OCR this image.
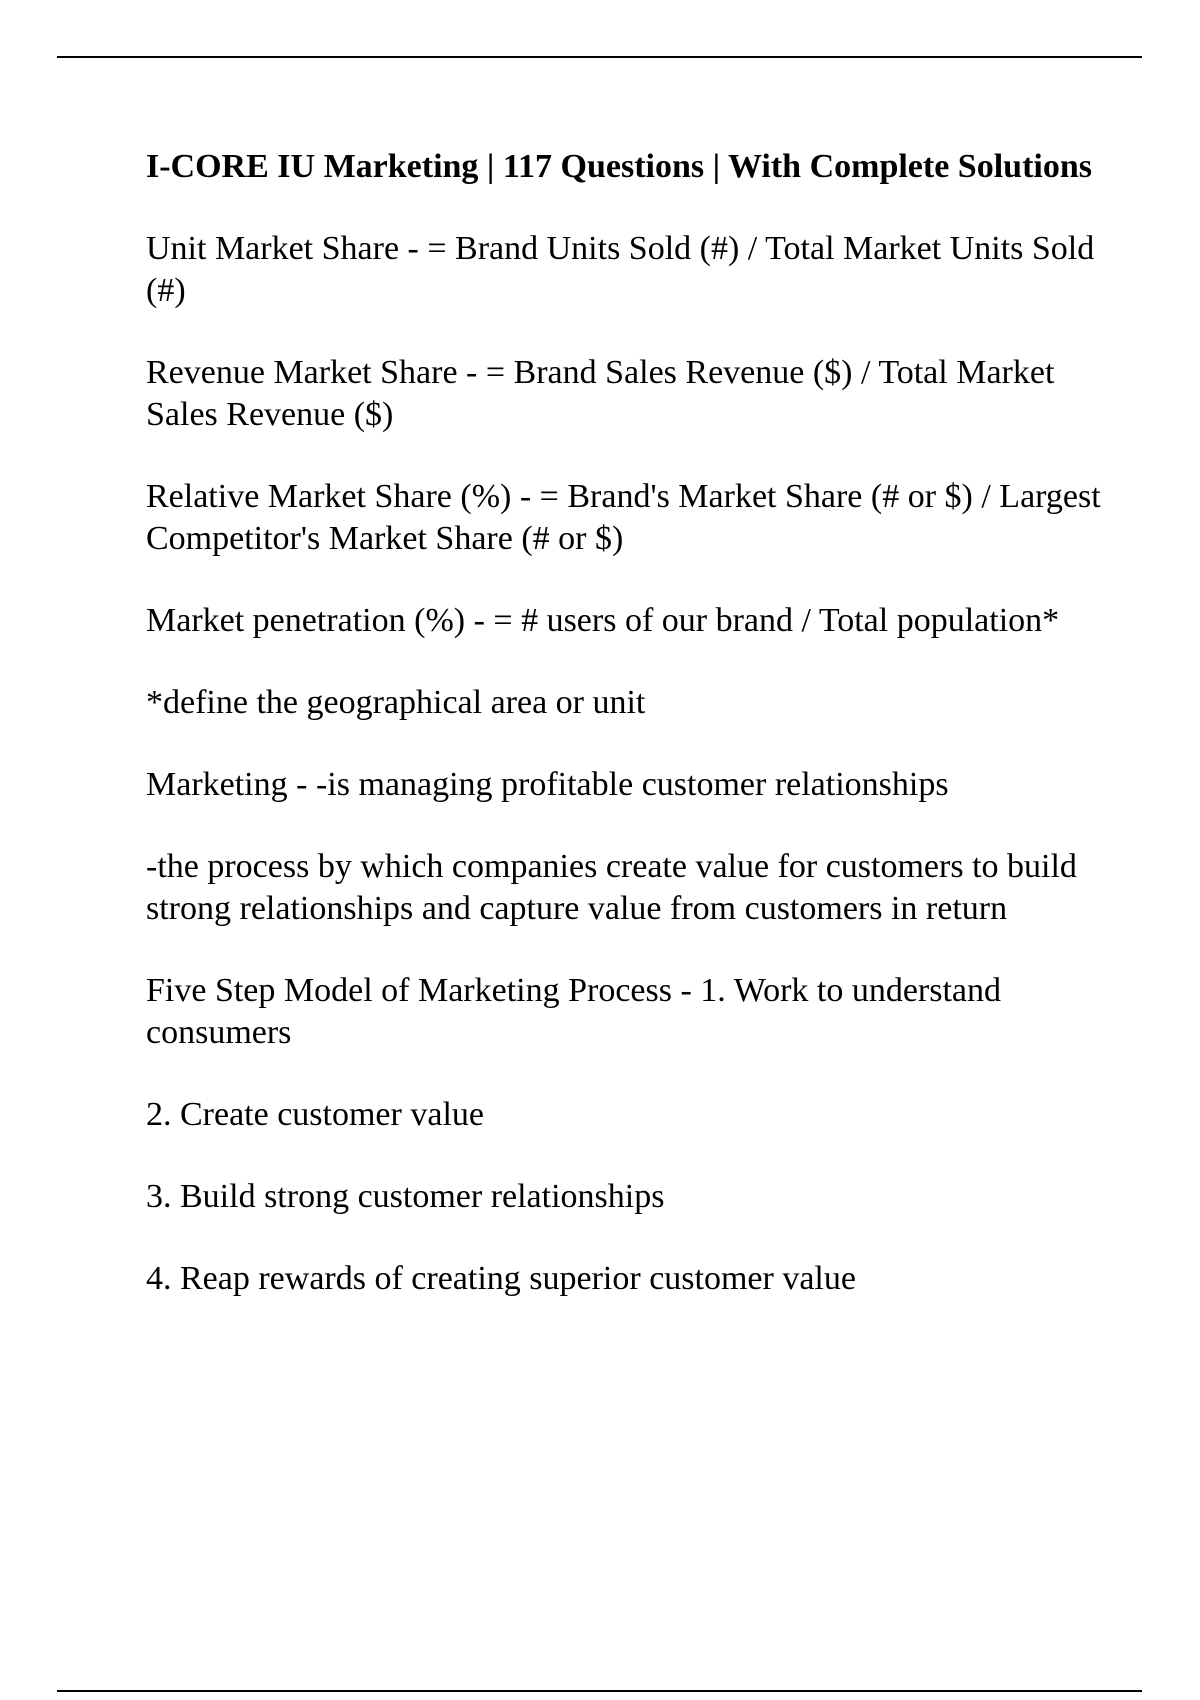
I-CORE IU Marketing | 117 Questions | With Complete Solutions
Unit Market Share - = Brand Units Sold (#) / Total Market Units Sold (#)
Revenue Market Share - = Brand Sales Revenue ($) / Total Market Sales Revenue ($)
Relative Market Share (%) - = Brand's Market Share (# or $) / Largest Competitor's Market Share (# or $)
Market penetration (%) - = # users of our brand / Total population*
*define the geographical area or unit
Marketing - -is managing profitable customer relationships
-the process by which companies create value for customers to build strong relationships and capture value from customers in return
Five Step Model of Marketing Process - 1. Work to understand consumers
2. Create customer value
3. Build strong customer relationships
4. Reap rewards of creating superior customer value
